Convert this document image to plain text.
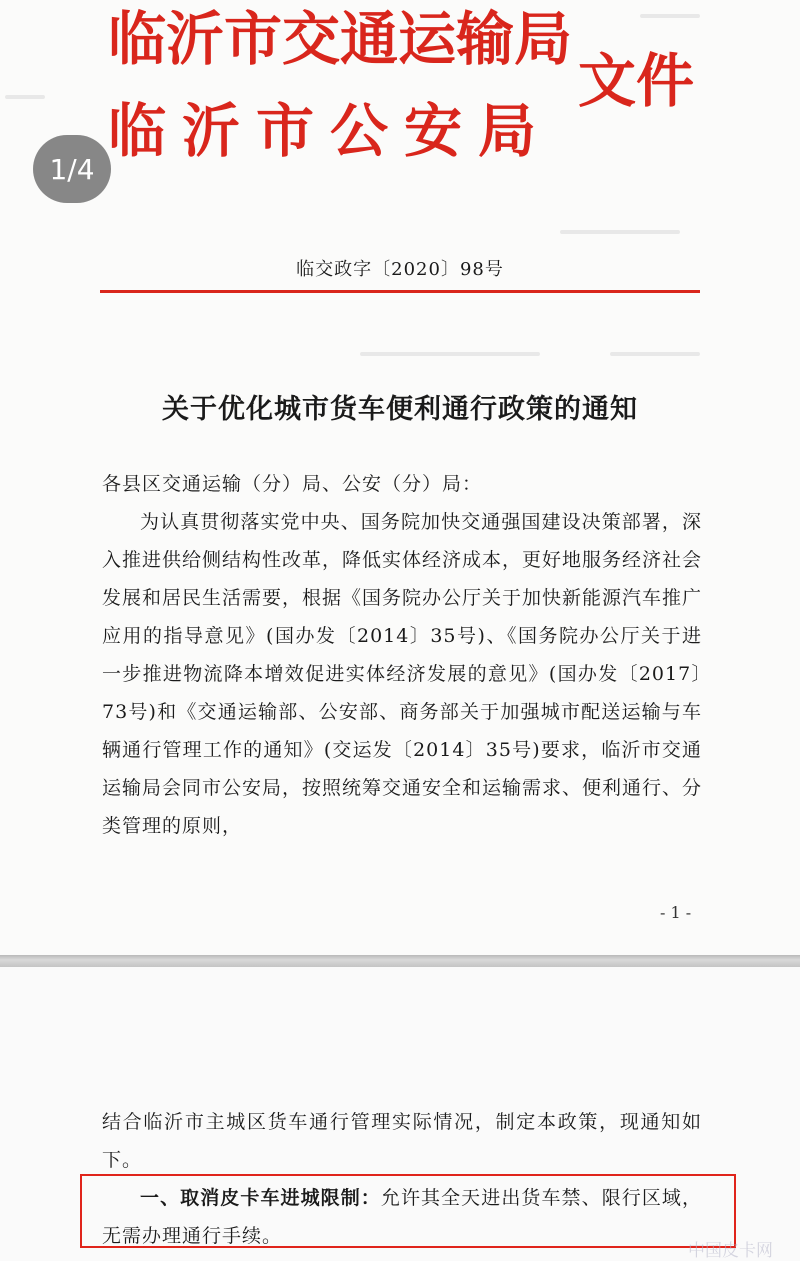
临沂市交通运输局
临沂市公安局
文件
临交政字〔2020〕98号
关于优化城市货车便利通行政策的通知
各县区交通运输（分）局、公安（分）局：
为认真贯彻落实党中央、国务院加快交通强国建设决策部署，深入推进供给侧结构性改革，降低实体经济成本，更好地服务经济社会发展和居民生活需要，根据《国务院办公厅关于加快新能源汽车推广应用的指导意见》(国办发〔2014〕35号)、《国务院办公厅关于进一步推进物流降本增效促进实体经济发展的意见》(国办发〔2017〕73号)和《交通运输部、公安部、商务部关于加强城市配送运输与车辆通行管理工作的通知》(交运发〔2014〕35号)要求，临沂市交通运输局会同市公安局，按照统筹交通安全和运输需求、便利通行、分类管理的原则，
- 1 -
1/4
结合临沂市主城区货车通行管理实际情况，制定本政策，现通知如下。
一、取消皮卡车进城限制：允许其全天进出货车禁、限行区域，无需办理通行手续。
中国皮卡网
